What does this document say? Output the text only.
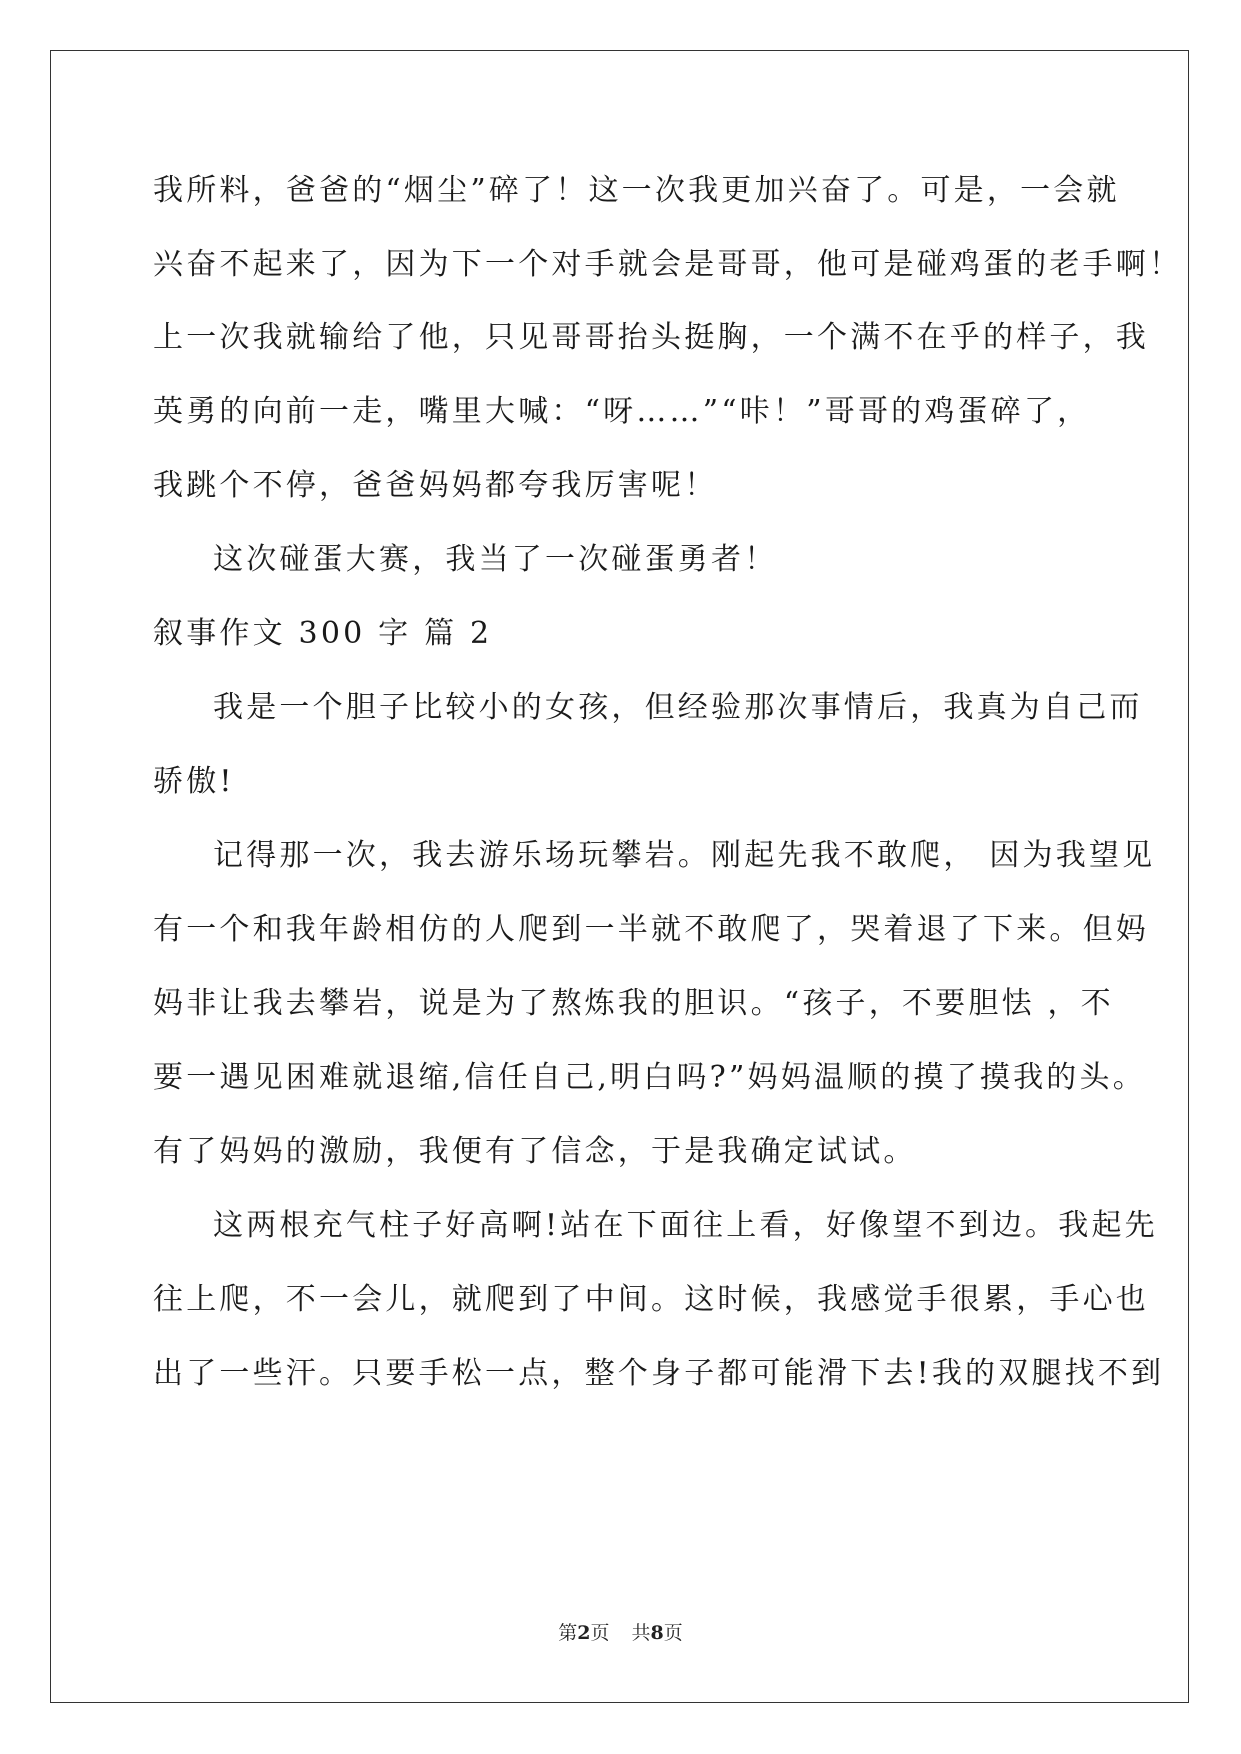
我所料，爸爸的“烟尘”碎了！这一次我更加兴奋了。可是，一会就
兴奋不起来了，因为下一个对手就会是哥哥，他可是碰鸡蛋的老手啊！
上一次我就输给了他，只见哥哥抬头挺胸，一个满不在乎的样子，我
英勇的向前一走，嘴里大喊：“呀……”“咔！”哥哥的鸡蛋碎了，
我跳个不停，爸爸妈妈都夸我厉害呢！
这次碰蛋大赛，我当了一次碰蛋勇者！
叙事作文 300 字 篇 2
我是一个胆子比较小的女孩，但经验那次事情后，我真为自己而
骄傲!
记得那一次，我去游乐场玩攀岩。刚起先我不敢爬， 因为我望见
有一个和我年龄相仿的人爬到一半就不敢爬了，哭着退了下来。但妈
妈非让我去攀岩，说是为了熬炼我的胆识。“孩子，不要胆怯 ，不
要一遇见困难就退缩,信任自己,明白吗?”妈妈温顺的摸了摸我的头。
有了妈妈的激励，我便有了信念，于是我确定试试。
这两根充气柱子好高啊!站在下面往上看，好像望不到边。我起先
往上爬，不一会儿，就爬到了中间。这时候，我感觉手很累，手心也
出了一些汗。只要手松一点，整个身子都可能滑下去!我的双腿找不到
第2页 共8页
